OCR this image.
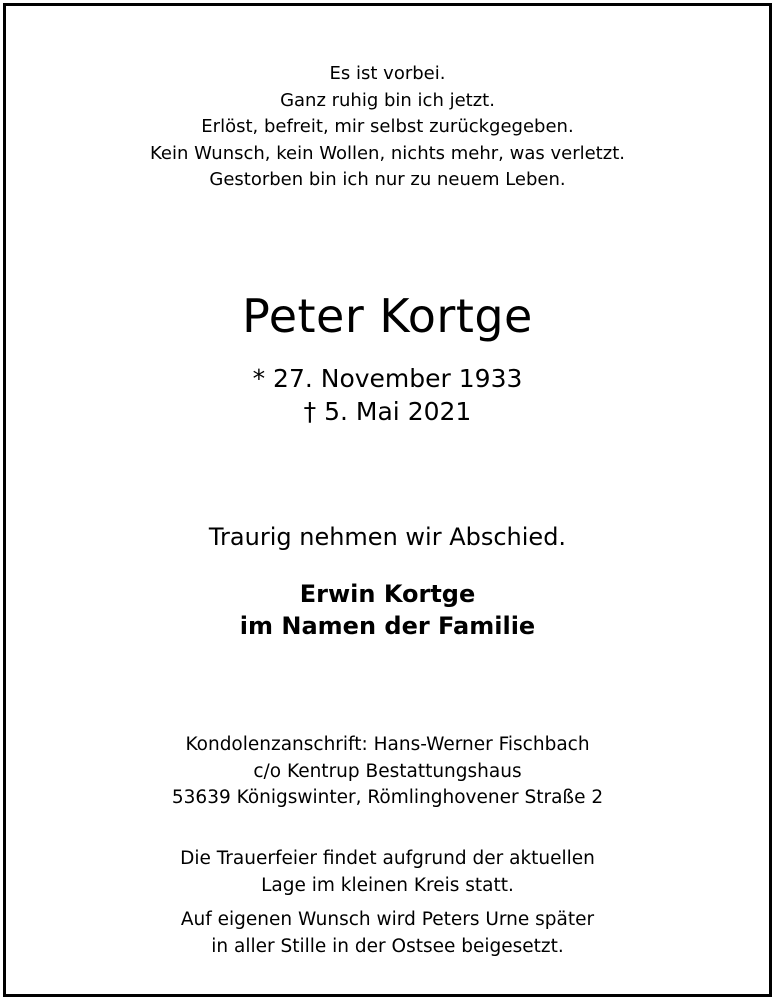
Es ist vorbei.
Ganz ruhig bin ich jetzt.
Erlöst, befreit, mir selbst zurückgegeben.
Kein Wunsch, kein Wollen, nichts mehr, was verletzt.
Gestorben bin ich nur zu neuem Leben.
Peter Kortge
* 27. November 1933
† 5. Mai 2021
Traurig nehmen wir Abschied.
Erwin Kortge
im Namen der Familie
Kondolenzanschrift: Hans-Werner Fischbach
c/o Kentrup Bestattungshaus
53639 Königswinter, Römlinghovener Straße 2
Die Trauerfeier findet aufgrund der aktuellen
Lage im kleinen Kreis statt.
Auf eigenen Wunsch wird Peters Urne später
in aller Stille in der Ostsee beigesetzt.
